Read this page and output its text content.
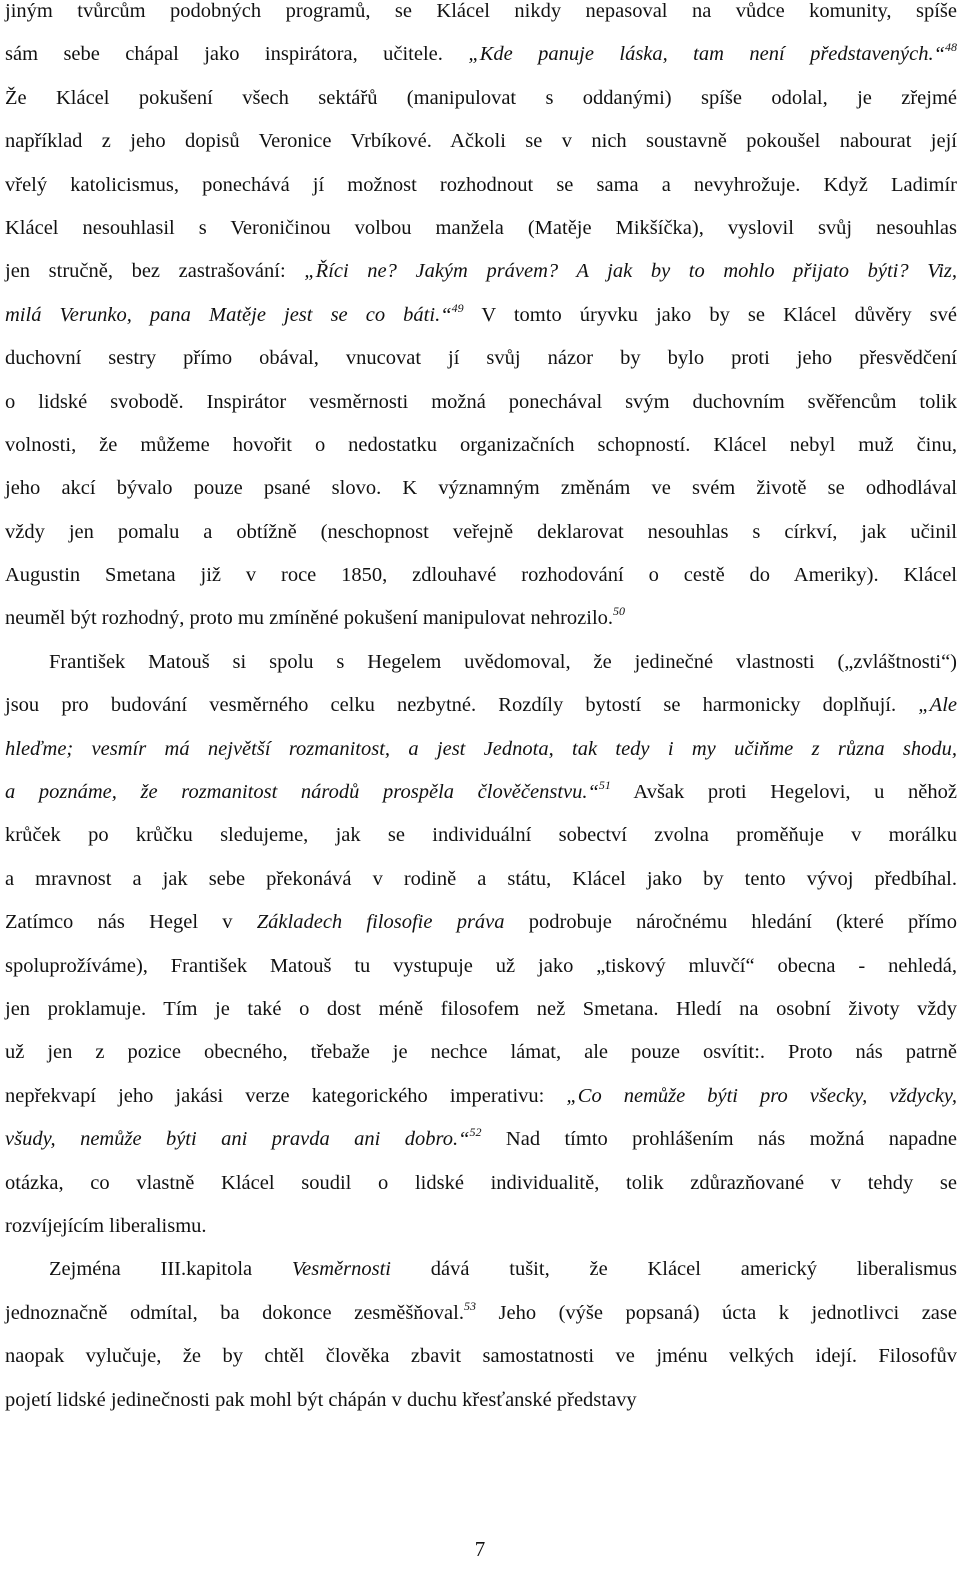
jiným tvůrcům podobných programů, se Klácel nikdy nepasoval na vůdce komunity, spíše
sám sebe chápal jako inspirátora, učitele. „Kde panuje láska, tam není představených.“$^{48}$
Že Klácel pokušení všech sektářů (manipulovat s oddanými) spíše odolal, je zřejmé
například z jeho dopisů Veronice Vrbíkové. Ačkoli se v nich soustavně pokoušel nabourat její
vřelý katolicismus, ponechává jí možnost rozhodnout se sama a nevyhrožuje. Když Ladimír
Klácel nesouhlasil s Veroničinou volbou manžela (Matěje Mikšíčka), vyslovil svůj nesouhlas
jen stručně, bez zastrašování: „Říci ne? Jakým právem? A jak by to mohlo přijato býti? Viz,
milá Verunko, pana Matěje jest se co báti.“$^{49}$ V tomto úryvku jako by se Klácel důvěry své
duchovní sestry přímo obával, vnucovat jí svůj názor by bylo proti jeho přesvědčení
o lidské svobodě. Inspirátor vesměrnosti možná ponechával svým duchovním svěřencům tolik
volnosti, že můžeme hovořit o nedostatku organizačních schopností. Klácel nebyl muž činu,
jeho akcí bývalo pouze psané slovo. K významným změnám ve svém životě se odhodlával
vždy jen pomalu a obtížně (neschopnost veřejně deklarovat nesouhlas s církví, jak učinil
Augustin Smetana již v roce 1850, zdlouhavé rozhodování o cestě do Ameriky). Klácel
neuměl být rozhodný, proto mu zmíněné pokušení manipulovat nehrozilo.$^{50}$
František Matouš si spolu s Hegelem uvědomoval, že jedinečné vlastnosti („zvláštnosti“)
jsou pro budování vesměrného celku nezbytné. Rozdíly bytostí se harmonicky doplňují. „Ale
hleďme; vesmír má největší rozmanitost, a jest Jednota, tak tedy i my učiňme z různa shodu,
a poznáme, že rozmanitost národů prospěla člověčenstvu.“$^{51}$ Avšak proti Hegelovi, u něhož
krůček po krůčku sledujeme, jak se individuální sobectví zvolna proměňuje v morálku
a mravnost a jak sebe překonává v rodině a státu, Klácel jako by tento vývoj předbíhal.
Zatímco nás Hegel v Základech filosofie práva podrobuje náročnému hledání (které přímo
spoluprožíváme), František Matouš tu vystupuje už jako „tiskový mluvčí“ obecna - nehledá,
jen proklamuje. Tím je také o dost méně filosofem než Smetana. Hledí na osobní životy vždy
už jen z pozice obecného, třebaže je nechce lámat, ale pouze osvítit:. Proto nás patrně
nepřekvapí jeho jakási verze kategorického imperativu: „Co nemůže býti pro všecky, vždycky,
všudy, nemůže býti ani pravda ani dobro.“$^{52}$ Nad tímto prohlášením nás možná napadne
otázka, co vlastně Klácel soudil o lidské individualitě, tolik zdůrazňované v tehdy se
rozvíjejícím liberalismu.
Zejména III.kapitola Vesměrnosti dává tušit, že Klácel americký liberalismus
jednoznačně odmítal, ba dokonce zesměšňoval.$^{53}$ Jeho (výše popsaná) úcta k jednotlivci zase
naopak vylučuje, že by chtěl člověka zbavit samostatnosti ve jménu velkých idejí. Filosofův
pojetí lidské jedinečnosti pak mohl být chápán v duchu křesťanské představy
7
